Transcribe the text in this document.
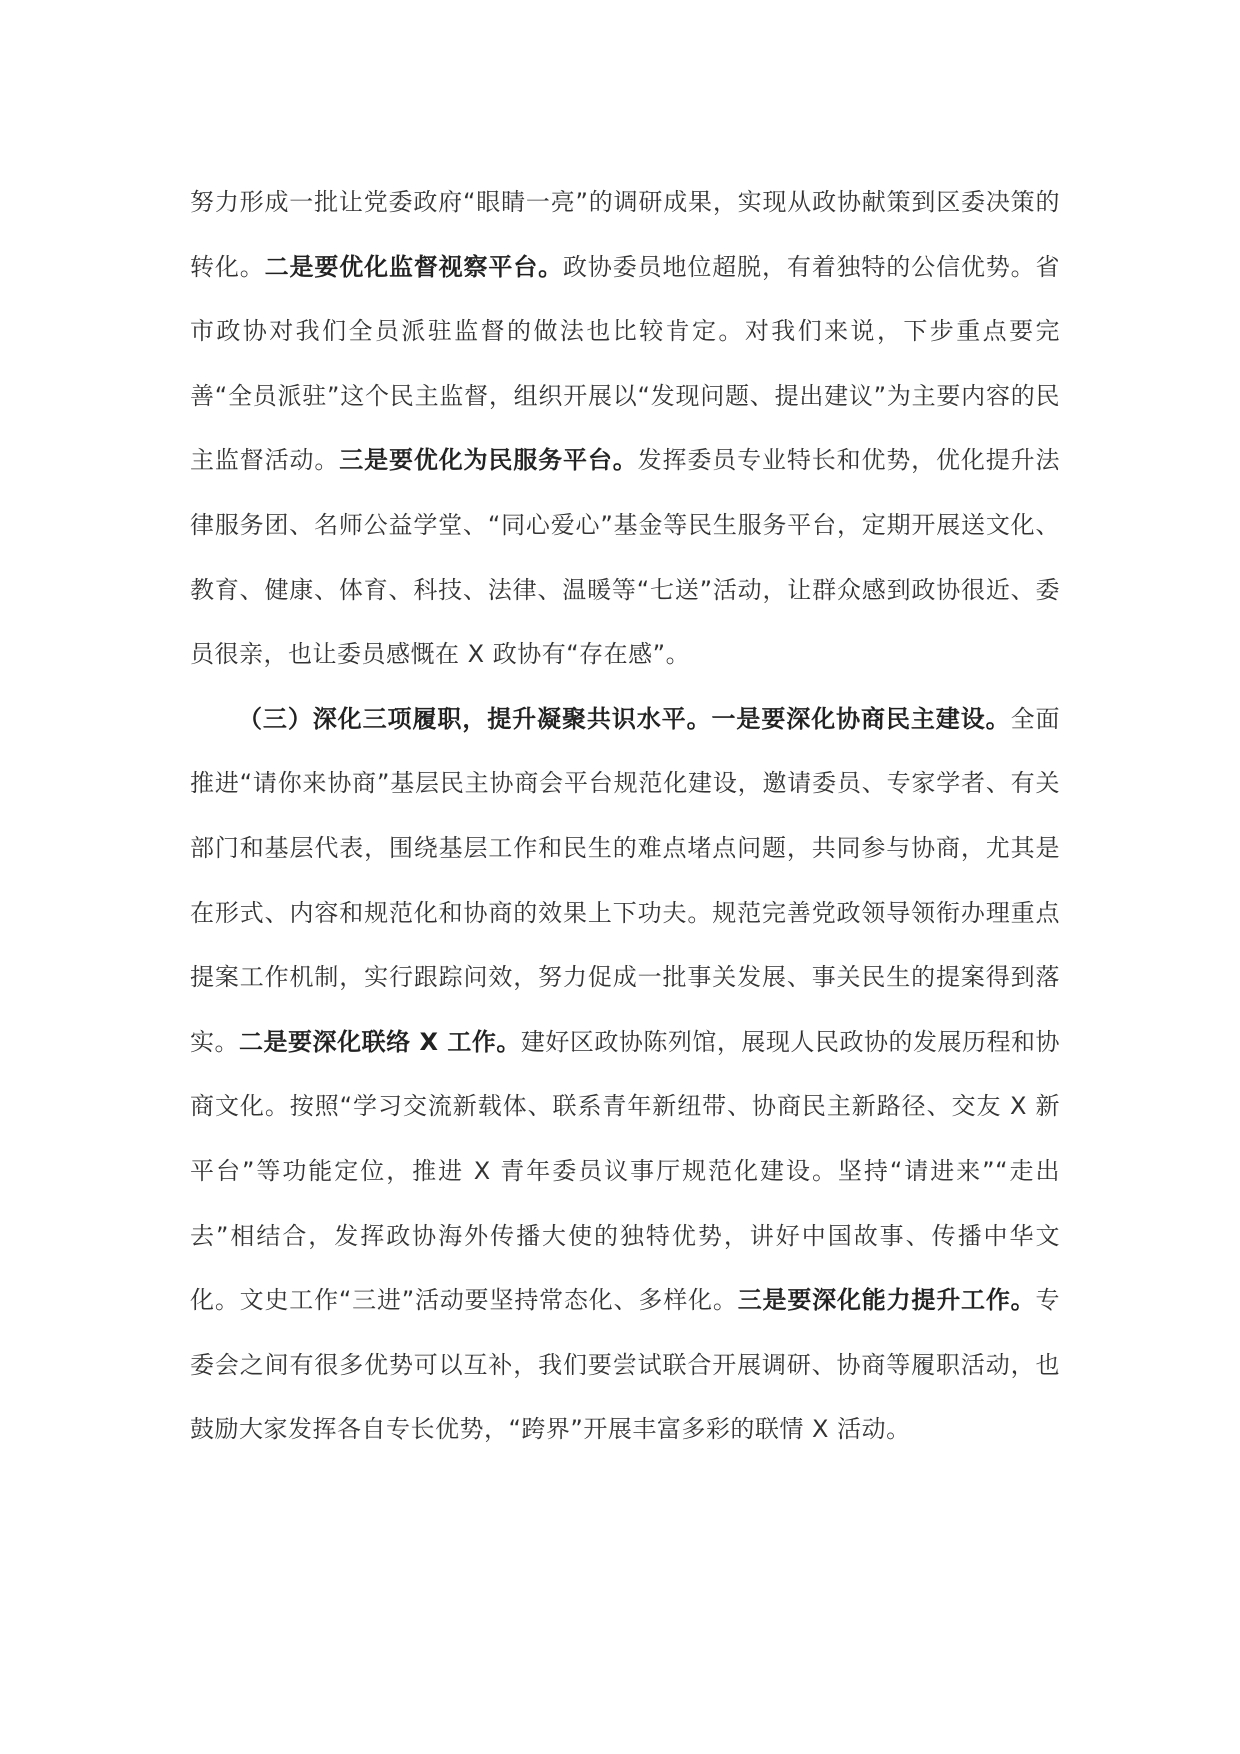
努力形成一批让党委政府“眼睛一亮”的调研成果，实现从政协献策到区委决策的转化。二是要优化监督视察平台。政协委员地位超脱，有着独特的公信优势。省市政协对我们全员派驻监督的做法也比较肯定。对我们来说，下步重点要完善“全员派驻”这个民主监督，组织开展以“发现问题、提出建议”为主要内容的民主监督活动。三是要优化为民服务平台。发挥委员专业特长和优势，优化提升法律服务团、名师公益学堂、“同心爱心”基金等民生服务平台，定期开展送文化、教育、健康、体育、科技、法律、温暖等“七送”活动，让群众感到政协很近、委员很亲，也让委员感慨在 X 政协有“存在感”。

（三）深化三项履职，提升凝聚共识水平。一是要深化协商民主建设。全面推进“请你来协商”基层民主协商会平台规范化建设，邀请委员、专家学者、有关部门和基层代表，围绕基层工作和民生的难点堵点问题，共同参与协商，尤其是在形式、内容和规范化和协商的效果上下功夫。规范完善党政领导领衔办理重点提案工作机制，实行跟踪问效，努力促成一批事关发展、事关民生的提案得到落实。二是要深化联络 X 工作。建好区政协陈列馆，展现人民政协的发展历程和协商文化。按照“学习交流新载体、联系青年新纽带、协商民主新路径、交友 X 新平台”等功能定位，推进 X 青年委员议事厅规范化建设。坚持“请进来”“走出去”相结合，发挥政协海外传播大使的独特优势，讲好中国故事、传播中华文化。文史工作“三进”活动要坚持常态化、多样化。三是要深化能力提升工作。专委会之间有很多优势可以互补，我们要尝试联合开展调研、协商等履职活动，也鼓励大家发挥各自专长优势，“跨界”开展丰富多彩的联情 X 活动。
